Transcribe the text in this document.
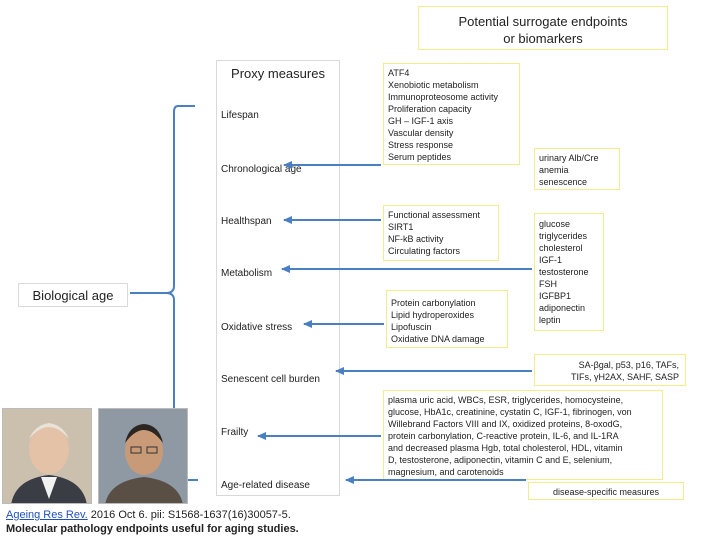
Potential surrogate endpoints
or biomarkers
Proxy measures
Lifespan
Chronological age
Healthspan
Metabolism
Oxidative stress
Senescent cell burden
Frailty
Age-related disease
Biological age
ATF4
Xenobiotic metabolism
Immunoproteosome activity
Proliferation capacity
GH – IGF-1 axis
Vascular density
Stress response
Serum peptides	urinary Alb/Cre
anemia
senescence
Functional assessment
SIRT1
NF-kB activity
Circulating factors
glucose
triglycerides
cholesterol
IGF-1
testosterone
FSH
IGFBP1
adiponectin
leptin
Protein carbonylation
Lipid hydroperoxides
Lipofuscin
Oxidative DNA damage
SA-βgal, p53, p16, TAFs,
TIFs, γH2AX, SAHF, SASP
plasma uric acid, WBCs, ESR, triglycerides, homocysteine,
glucose, HbA1c, creatinine, cystatin C, IGF-1, fibrinogen, von
Willebrand Factors VIII and IX, oxidized proteins, 8-oxodG,
protein carbonylation, C-reactive protein, IL-6, and IL-1RA
and decreased plasma Hgb, total cholesterol, HDL, vitamin
D, testosterone, adiponectin, vitamin C and E, selenium,
magnesium, and carotenoids
disease-specific measures
Ageing Res Rev. 2016 Oct 6. pii: S1568-1637(16)30057-5.
Molecular pathology endpoints useful for aging studies.
